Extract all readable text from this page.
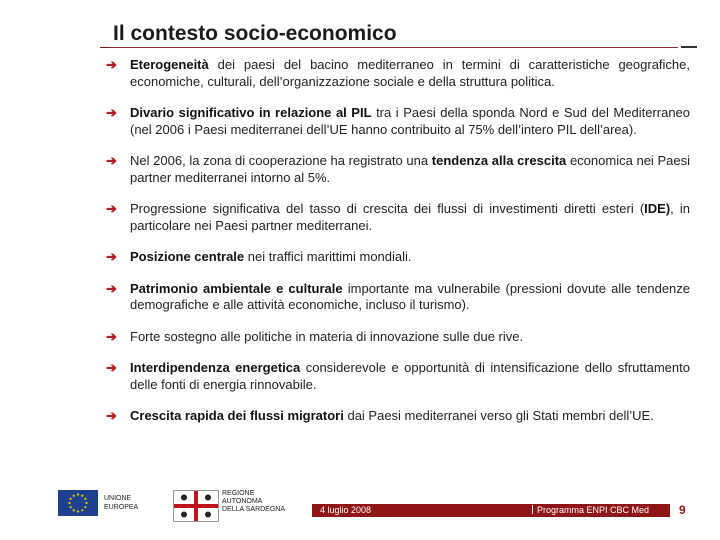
Il contesto socio-economico
➔	Eterogeneità dei paesi del bacino mediterraneo in termini di caratteristiche geografiche, economiche, culturali, dell’organizzazione sociale e della struttura politica.
➔	Divario significativo in relazione al PIL tra i Paesi della sponda Nord e Sud del Mediterraneo (nel 2006 i Paesi mediterranei dell’UE hanno contribuito al 75% dell’intero PIL dell’area).
➔	Nel 2006, la zona di cooperazione ha registrato una tendenza alla crescita economica nei Paesi partner mediterranei intorno al 5%.
➔	Progressione significativa del tasso di crescita dei flussi di investimenti diretti esteri (IDE), in particolare nei Paesi partner mediterranei.
➔	Posizione centrale nei traffici marittimi mondiali.
➔	Patrimonio ambientale e culturale importante ma vulnerabile (pressioni dovute alle tendenze demografiche e alle attività economiche, incluso il turismo).
➔	Forte sostegno alle politiche in materia di innovazione sulle due rive.
➔	Interdipendenza energetica considerevole e opportunità di intensificazione dello sfruttamento delle fonti di energia rinnovabile.
➔	Crescita rapida dei flussi migratori dai Paesi mediterranei verso gli Stati membri dell’UE.
UNIONE
EUROPEA
REGIONE
AUTONOMA
DELLA SARDEGNA	4 luglio 2008	Programma ENPI CBC Med 9
